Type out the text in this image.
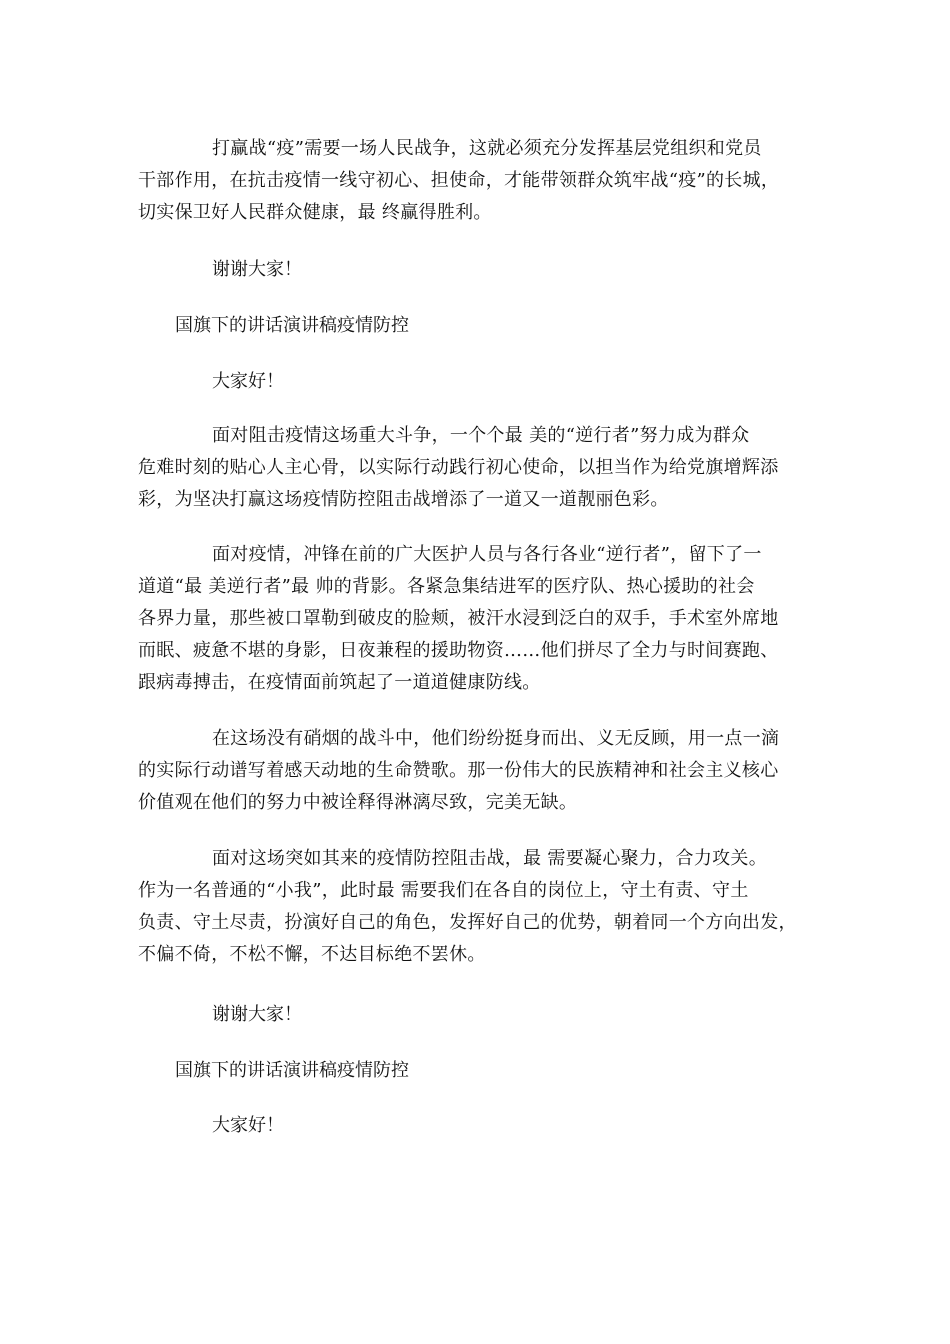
打赢战“疫”需要一场人民战争，这就必须充分发挥基层党组织和党员
干部作用，在抗击疫情一线守初心、担使命，才能带领群众筑牢战“疫”的长城，
切实保卫好人民群众健康，最 终赢得胜利。

谢谢大家！

国旗下的讲话演讲稿疫情防控

大家好！

面对阻击疫情这场重大斗争，一个个最 美的“逆行者”努力成为群众
危难时刻的贴心人主心骨，以实际行动践行初心使命，以担当作为给党旗增辉添
彩，为坚决打赢这场疫情防控阻击战增添了一道又一道靓丽色彩。

面对疫情，冲锋在前的广大医护人员与各行各业“逆行者”，留下了一
道道“最 美逆行者”最 帅的背影。各紧急集结进军的医疗队、热心援助的社会
各界力量，那些被口罩勒到破皮的脸颊，被汗水浸到泛白的双手，手术室外席地
而眠、疲惫不堪的身影，日夜兼程的援助物资……他们拼尽了全力与时间赛跑、
跟病毒搏击，在疫情面前筑起了一道道健康防线。

在这场没有硝烟的战斗中，他们纷纷挺身而出、义无反顾，用一点一滴
的实际行动谱写着感天动地的生命赞歌。那一份伟大的民族精神和社会主义核心
价值观在他们的努力中被诠释得淋漓尽致，完美无缺。

面对这场突如其来的疫情防控阻击战，最 需要凝心聚力，合力攻关。
作为一名普通的“小我”，此时最 需要我们在各自的岗位上，守土有责、守土
负责、守土尽责，扮演好自己的角色，发挥好自己的优势，朝着同一个方向出发，
不偏不倚，不松不懈，不达目标绝不罢休。

谢谢大家！

国旗下的讲话演讲稿疫情防控

大家好！
